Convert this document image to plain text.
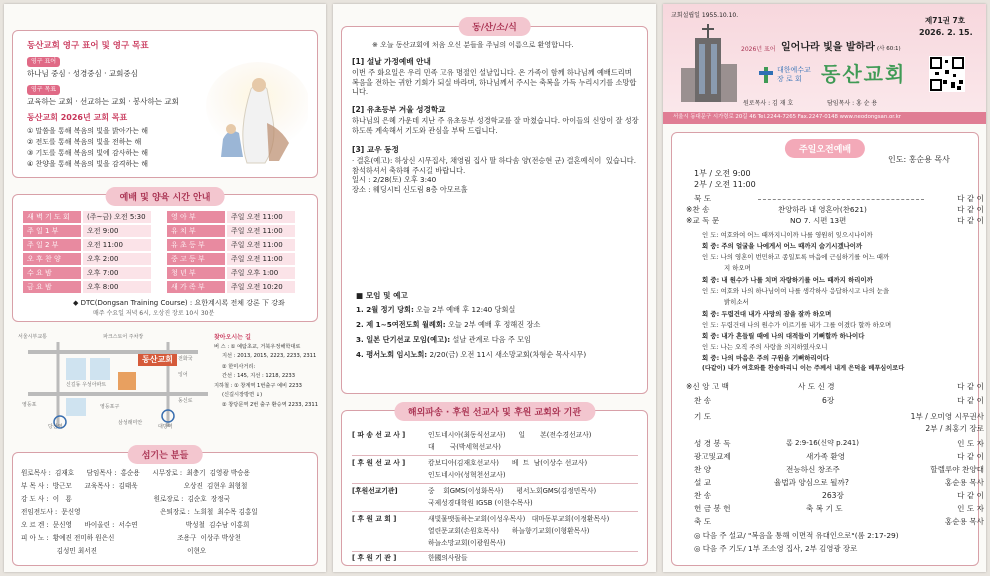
동산교회 영구 표어 및 영구 목표
영구 표어
하나님 중심 · 성경중심 · 교회중심
영구 목표
교육하는 교회 · 선교하는 교회 · 봉사하는 교회
동산교회 2026년 교회 목표
① 말씀을 통해 복음의 빛을 밝아가는 해
② 전도를 통해 복음의 빛을 전하는 해
③ 기도를 통해 복음의 빛에 감사하는 해
④ 찬양을 통해 복음의 빛을 감격하는 해
예배 및 양육 시간 안내
새 벽 기 도 회	(주~금) 오전 5:30
주 일 1 부	오전 9:00
주 일 2 부	오전 11:00
오 후 찬 양	오후 2:00
수 요 밤	오후 7:00
금 요 밤	오후 8:00
영 아 부	주일 오전 11:00
유 치 부	주일 오전 11:00
유 초 등 부	주일 오전 11:00
중 고 등 부	주일 오전 11:00
청 년 부	주일 오후 1:00
새 가 족 부	주일 오전 10:20
◆ DTC(Dongsan Training Course) : 요한계시록 전체 강론 下 강좌
매주 수요일 저녁 6시, 오상진 장로 10시 30분
동산교회
서울시부교통	파크스토어 주차장
신길동 우성아파트
전화국
잉어
영등포구
당산역
영등포
삼성래미안
동신로
대방역
찾아오시는 길
버 스 : ① 예탐초교, 거북우정해학대로
지선 : 2013, 2015, 2223, 2233, 2311
② 한미사거리:
간선 : 145, 지선 : 1218, 2233
지하철 : ① 창계역 1번출구 예비 2233
(신길시장방면 ↓)
② 창당문역 2번 출구 환승역 2233, 2311
섬기는 분들
원로목사 :  김재호      담임목사 :  홍순용      시무장로 :  최충기  김영광 박승용
부 목 사 :  방근모      교육목사 :  김태욱                      오상진  김현우 최형철
강 도 사 :  이   룡                                       원로장로 :  김순호  장정국
전임전도사 :  문신영                                      은퇴장로 :  노희철  최수목 김홍일
오 르 겐 :  문신영      바이올린 :  서수연                       박성철  김수남 이홍희
피 아 노 :  황예진 전미하 원은신                              조용구  이상주 박상천
김성민 최서진                                           이현오
동/산/소/식
※ 오늘 동산교회에 처음 오신 분들을 주님의 이름으로 환영합니다.
[1] 설날 가정예배 안내
이번 주 화요일은 우리 민족 고유 명절인 설날입니다. 온 가족이 함께 하나님께 예배드리며 복음을 전하는 귀한 기회가 되실 바라며, 하나님께서 주시는 축복을 가득 누리시기를 소망합니다.
[2] 유초등부 겨울 성경학교
하나님의 은혜 가운데 지난 주 유초등부 성경학교를 잘 마쳤습니다. 아이들의 신앙이 잘 성장하도록 계속해서 기도와 관심을 부탁 드립니다.
[3] 교우 동정
· 결혼(예고): 하상신 시무집사, 채영림 집사 딸 하다솜 양(전승현 군) 결혼예식이  있습니다. 참석하셔서 축하해 주시길 바랍니다.
일시 : 2/28(토) 오후 3:40
장소 : 웨딩시티 신도림 8층 아모르홀
■ 모임 및 예고
1. 2월 정기 당회: 오늘 2부 예배 후 12:40 당회실
2. 제 1~5여전도회 월례회: 오늘 2부 예배 후 정해진 장소
3. 일본 단기선교 모임(예고): 설날 관계로 다음 주 모임
4. 평서노회 임시노회: 2/20(금) 오전 11시 새소망교회(차형순 목사시무)
해외파송 · 후원 선교사 및 후원 교회와 기관
[ 파 송 선 교 사 ]	인도네시아(최동식선교사)      일       본(전수경선교사)
대       국(박세혁선교사)
[ 후 원 선 교 사 ]	캄보디아(김재호선교사)      베  트  남(이상수 선교사)
인도네시아(성혁천선교사)
[후원선교기관]	중    회GMS(이성화목사)      평서노회GMS(김정민목사)
국제성경대학원 IGSB (이한수목사)
[ 후 원 교 회 ]	새빛물맷돌하는교회(이성우목사)   대마동부교회(이정환목사)
열린문교회(손원호목사)      하늘향기교회(이형환목사)
하늘소망교회(이광원목사)
[ 후 원 기 관 ]	한國의사람들
교회설립일 1955.10.10.
제71권 7호
2026. 2. 15.
2026년 표어 일어나라 빛을 발하라 (사 60:1)
대한예수교
장 로 회 동산교회
원로목사 : 김 재 호	담임목사 : 홍 순 용
서울시 동대문구 시가령로 20길 46 Tel.2244-7265 Fax.2247-0148 www.neodongsan.or.kr
주일오전예배
인도: 홍순용 목사
1부 / 오전 9:00
2부 / 오전 11:00
묵 도	다 같 이
※찬 송	찬양하라 내 영혼아(찬621)	다 같 이
※교 독 문	NO 7. 시편 13편	다 같 이
인 도: 여호와여 어느 때까지니이까 나를 영원히 잊으시나이까
회 중: 주의 얼굴을 나에게서 어느 때까지 숨기시겠나이까
인 도: 나의 영혼이 번민하고 종일토록 마음에 근심하기를 어느 때까
지 하오며
회 중: 내 원수가 나를 치며 자랑하기를 어느 때까지 하리이까
인 도: 여호와 나의 하나님이여 나를 생각하사 응답하시고 나의 눈을
밝히소서
회 중: 두렵건대 내가 사망의 잠을 잘까 하오며
인 도: 두렵건대 나의 원수가 이르기를 내가 그를 이겼다 할까 하오며
회 중: 내가 흔들릴 때에 나의 대적들이 기뻐할까 하나이다
인 도: 나는 오직 주의 사랑을 의지하였사오니
회 중: 나의 마음은 주의 구원을 기뻐하리이다
(다같이) 내가 여호와를 찬송하리니 이는 주께서 내게 은덕을 베푸심이로다
※신 앙 고 백	사 도 신 경	다 같 이
찬 송	6장	다 같 이
기 도	1부 / 오미영 시무권사
2부 / 최홍기 장로
성 경 봉 독	롬 2:9-16(신약 p.241)	인 도 자
광고및교제	새가족 환영	다 같 이
찬 양	전능하신 창조주	할렐루야 찬양대
설 교	율법과 양심으로 될까?	홍순용 목사
찬 송	263장	다 같 이
헌 금 봉 헌	축 복 기 도	인 도 자
축 도	홍순용 목사
◎ 다음 주 설교/ "복음을 통해 이면적 유대인으로"(롬 2:17-29)
◎ 다음 주 기도/ 1부 조소영 집사, 2부 김영광 장로
